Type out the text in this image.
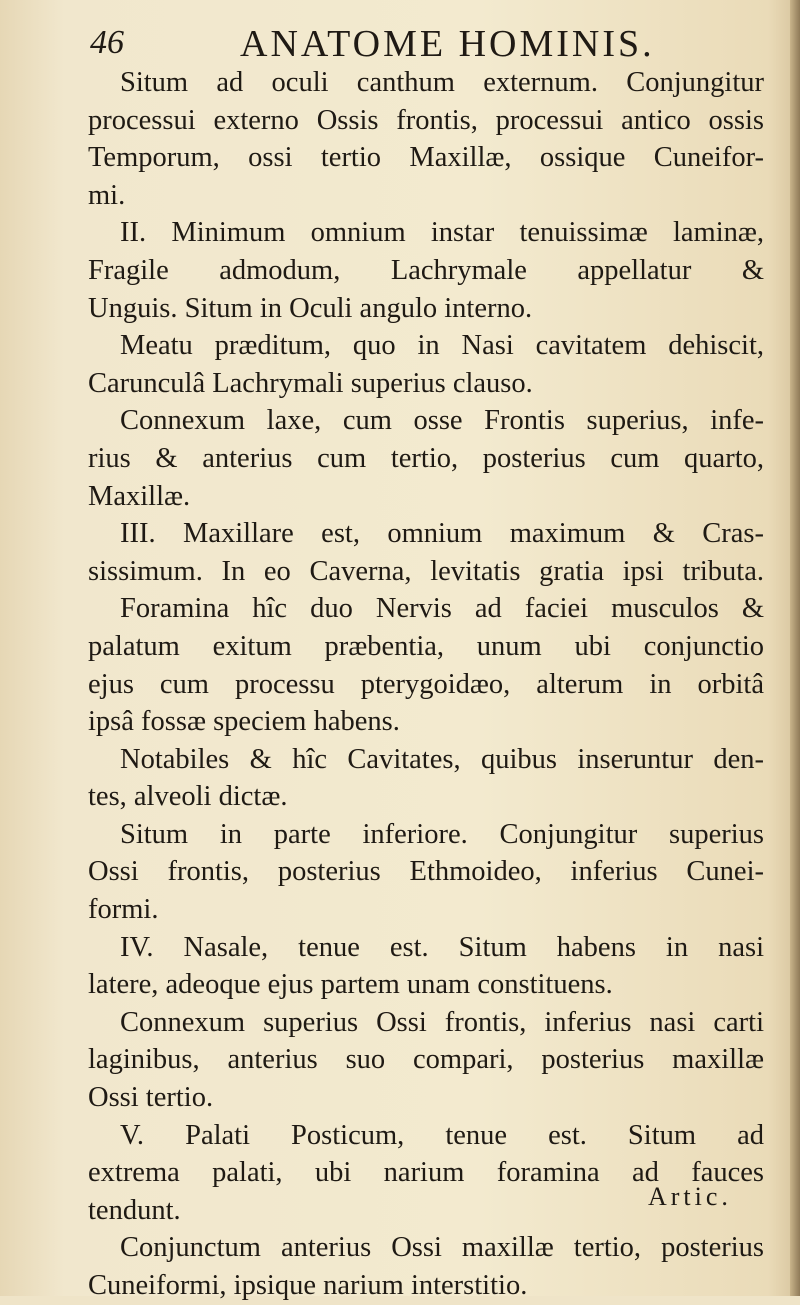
46	ANATOME HOMINIS.
Situm ad oculi canthum externum. Conjungitur
processui externo Ossis frontis, processui antico ossis
Temporum, ossi tertio Maxillæ, ossique Cuneifor-
mi.
II. Minimum omnium instar tenuissimæ laminæ,
Fragile admodum, Lachrymale appellatur &
Unguis. Situm in Oculi angulo interno.
Meatu præditum, quo in Nasi cavitatem dehiscit,
Carunculâ Lachrymali superius clauso.
Connexum laxe, cum osse Frontis superius, infe-
rius & anterius cum tertio, posterius cum quarto,
Maxillæ.
III. Maxillare est, omnium maximum & Cras-
sissimum. In eo Caverna, levitatis gratia ipsi tributa.
Foramina hîc duo Nervis ad faciei musculos &
palatum exitum præbentia, unum ubi conjunctio
ejus cum processu pterygoidæo, alterum in orbitâ
ipsâ fossæ speciem habens.
Notabiles & hîc Cavitates, quibus inseruntur den-
tes, alveoli dictæ.
Situm in parte inferiore. Conjungitur superius
Ossi frontis, posterius Ethmoideo, inferius Cunei-
formi.
IV. Nasale, tenue est. Situm habens in nasi
latere, adeoque ejus partem unam constituens.
Connexum superius Ossi frontis, inferius nasi carti
laginibus, anterius suo compari, posterius maxillæ
Ossi tertio.
V. Palati Posticum, tenue est. Situm ad
extrema palati, ubi narium foramina ad fauces
tendunt.
Conjunctum anterius Ossi maxillæ tertio, posterius
Cuneiformi, ipsique narium interstitio.
Artic.
